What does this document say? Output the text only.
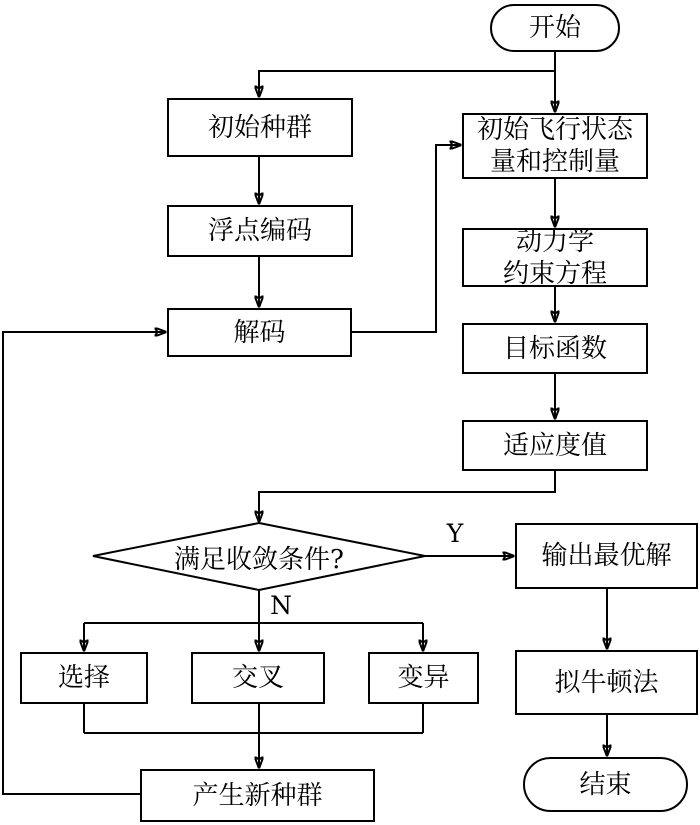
开始
初始种群
浮点编码
解码
初始飞行状态
量和控制量
动力学
约束方程
目标函数
适应度值
满足收敛条件?
Y
N
选择	交叉	变异
产生新种群
输出最优解
拟牛顿法
结束
